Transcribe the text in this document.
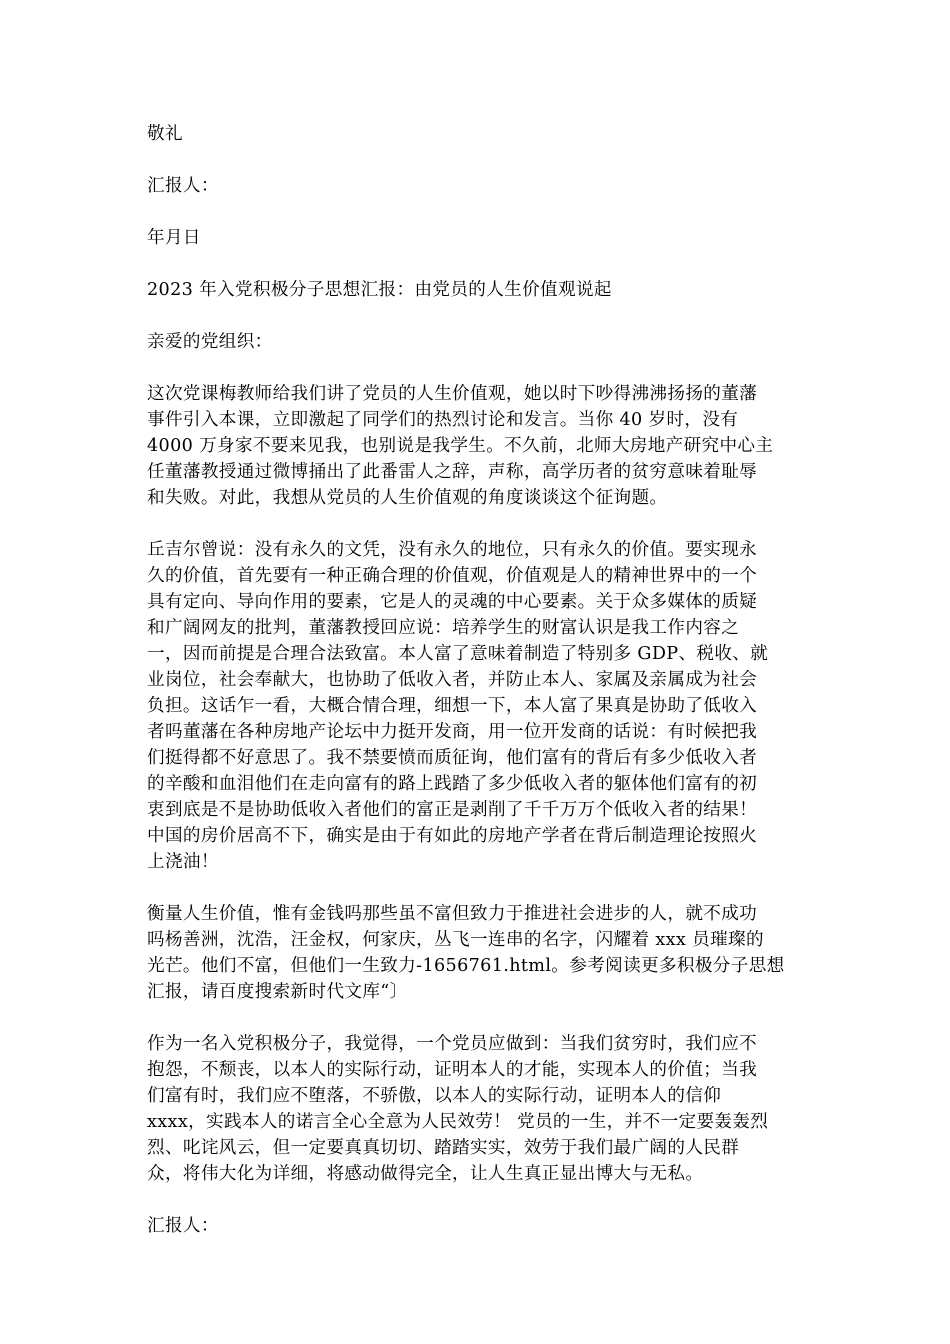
敬礼
汇报人：
年月日
2023 年入党积极分子思想汇报：由党员的人生价值观说起
亲爱的党组织：
这次党课梅教师给我们讲了党员的人生价值观，她以时下吵得沸沸扬扬的董藩
事件引入本课，立即激起了同学们的热烈讨论和发言。当你 40 岁时，没有
4000 万身家不要来见我，也别说是我学生。不久前，北师大房地产研究中心主
任董藩教授通过微博捅出了此番雷人之辞，声称，高学历者的贫穷意味着耻辱
和失败。对此，我想从党员的人生价值观的角度谈谈这个征询题。
丘吉尔曾说：没有永久的文凭，没有永久的地位，只有永久的价值。要实现永
久的价值，首先要有一种正确合理的价值观，价值观是人的精神世界中的一个
具有定向、导向作用的要素，它是人的灵魂的中心要素。关于众多媒体的质疑
和广阔网友的批判，董藩教授回应说：培养学生的财富认识是我工作内容之
一，因而前提是合理合法致富。本人富了意味着制造了特别多 GDP、税收、就
业岗位，社会奉献大，也协助了低收入者，并防止本人、家属及亲属成为社会
负担。这话乍一看，大概合情合理，细想一下，本人富了果真是协助了低收入
者吗董藩在各种房地产论坛中力挺开发商，用一位开发商的话说：有时候把我
们挺得都不好意思了。我不禁要愤而质征询，他们富有的背后有多少低收入者
的辛酸和血泪他们在走向富有的路上践踏了多少低收入者的躯体他们富有的初
衷到底是不是协助低收入者他们的富正是剥削了千千万万个低收入者的结果！
中国的房价居高不下，确实是由于有如此的房地产学者在背后制造理论按照火
上浇油！
衡量人生价值，惟有金钱吗那些虽不富但致力于推进社会进步的人，就不成功
吗杨善洲，沈浩，汪金权，何家庆，丛飞一连串的名字，闪耀着 xxx 员璀璨的
光芒。他们不富，但他们一生致力-1656761.html。参考阅读更多积极分子思想
汇报，请百度搜索新时代文库“〕
作为一名入党积极分子，我觉得，一个党员应做到：当我们贫穷时，我们应不
抱怨，不颓丧，以本人的实际行动，证明本人的才能，实现本人的价值；当我
们富有时，我们应不堕落，不骄傲，以本人的实际行动，证明本人的信仰
xxxx，实践本人的诺言全心全意为人民效劳！ 党员的一生，并不一定要轰轰烈
烈、叱诧风云，但一定要真真切切、踏踏实实，效劳于我们最广阔的人民群
众，将伟大化为详细，将感动做得完全，让人生真正显出博大与无私。
汇报人：
